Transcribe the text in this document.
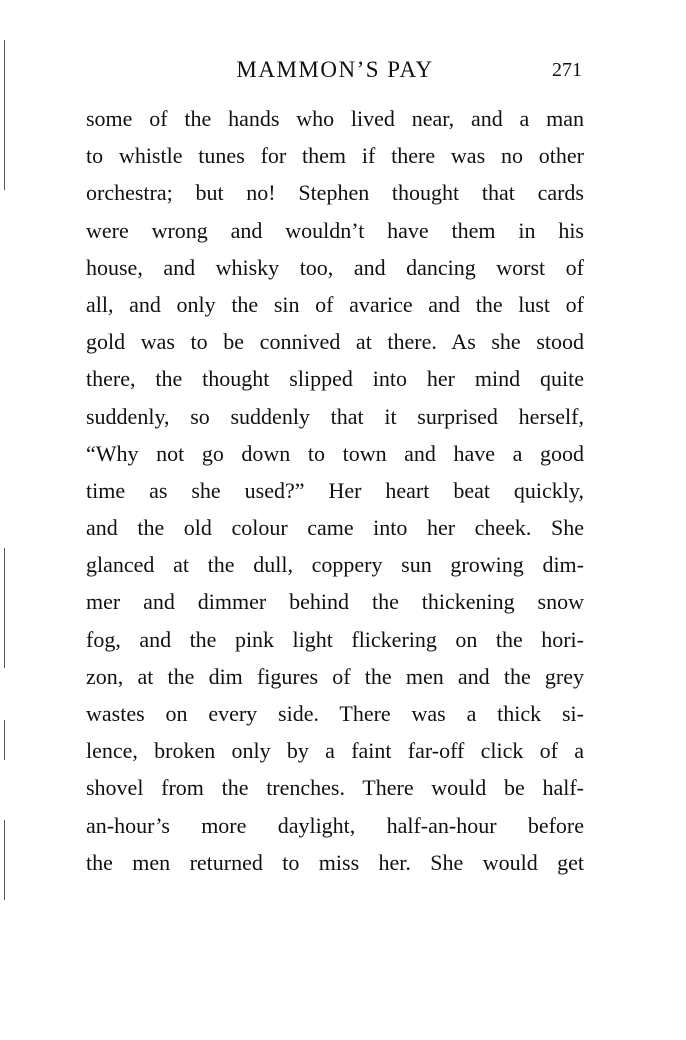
MAMMON’S PAY	271
some of the hands who lived near, and a man
to whistle tunes for them if there was no other
orchestra; but no! Stephen thought that cards
were wrong and wouldn’t have them in his
house, and whisky too, and dancing worst of
all, and only the sin of avarice and the lust of
gold was to be connived at there. As she stood
there, the thought slipped into her mind quite
suddenly, so suddenly that it surprised herself,
“Why not go down to town and have a good
time as she used?” Her heart beat quickly,
and the old colour came into her cheek. She
glanced at the dull, coppery sun growing dim-
mer and dimmer behind the thickening snow
fog, and the pink light flickering on the hori-
zon, at the dim figures of the men and the grey
wastes on every side. There was a thick si-
lence, broken only by a faint far-off click of a
shovel from the trenches. There would be half-
an-hour’s more daylight, half-an-hour before
the men returned to miss her. She would get
